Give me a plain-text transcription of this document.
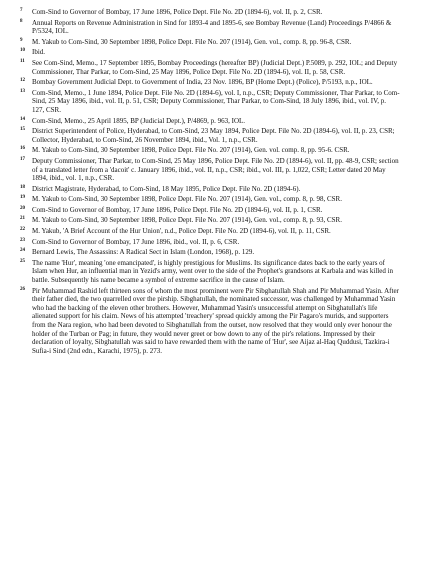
7 Com-Sind to Governor of Bombay, 17 June 1896, Police Dept. File No. 2D (1894-6), vol. II, p. 2, CSR.
8 Annual Reports on Revenue Administration in Sind for 1893-4 and 1895-6, see Bombay Revenue (Land) Proceedings P/4866 & P/5324, IOL.
9 M. Yakub to Com-Sind, 30 September 1898, Police Dept. File No. 207 (1914), Gen. vol., comp. 8, pp. 96-8, CSR.
10 Ibid.
11 See Com-Sind, Memo., 17 September 1895, Bombay Proceedings (hereafter BP) (Judicial Dept.) P.5089, p. 292, IOL; and Deputy Commissioner, Thar Parkar, to Com-Sind, 25 May 1896, Police Dept. File No. 2D (1894-6), vol. II, p. 58, CSR.
12 Bombay Government Judicial Dept. to Government of India, 23 Nov. 1896, BP (Home Dept.) (Police), P/5193, n.p., IOL.
13 Com-Sind, Memo., 1 June 1894, Police Dept. File No. 2D (1894-6), vol. I, n.p., CSR; Deputy Commissioner, Thar Parkar, to Com-Sind, 25 May 1896, ibid., vol. II, p. 51, CSR; Deputy Commissioner, Thar Parkar, to Com-Sind, 18 July 1896, ibid., vol. IV, p. 127, CSR.
14 Com-Sind, Memo., 25 April 1895, BP (Judicial Dept.), P/4869, p. 963, IOL.
15 District Superintendent of Police, Hyderabad, to Com-Sind, 23 May 1894, Police Dept. File No. 2D (1894-6), vol. II, p. 23, CSR; Collector, Hyderabad, to Com-Sind, 26 November 1894, ibid., Vol. 1, n.p., CSR.
16 M. Yakub to Com-Sind, 30 September 1898, Police Dept. File No. 207 (1914), Gen. vol. comp. 8, pp. 95-6. CSR.
17 Deputy Commissioner, Thar Parkar, to Com-Sind, 25 May 1896, Police Dept. File No. 2D (1894-6), vol. II, pp. 48-9, CSR; section of a translated letter from a 'dacoit' c. January 1896, ibid., vol. II, n.p., CSR; ibid., vol. III, p. 1,022, CSR; Letter dated 20 May 1894, ibid., vol. 1, n.p., CSR.
18 District Magistrate, Hyderabad, to Com-Sind, 18 May 1895, Police Dept. File No. 2D (1894-6).
19 M. Yakub to Com-Sind, 30 September 1898, Police Dept. File No. 207 (1914), Gen. vol., comp. 8, p. 98, CSR.
20 Com-Sind to Governor of Bombay, 17 June 1896, Police Dept. File No. 2D (1894-6), vol. II, p. 1, CSR.
21 M. Yakub to Com-Sind, 30 September 1898, Police Dept. File No. 207 (1914), Gen. vol., comp. 8, p. 93, CSR.
22 M. Yakub, 'A Brief Account of the Hur Union', n.d., Police Dept. File No. 2D (1894-6), vol. II, p. 11, CSR.
23 Com-Sind to Governor of Bombay, 17 June 1896, ibid., vol. II, p. 6, CSR.
24 Bernard Lewis, The Assassins: A Radical Sect in Islam (London, 1968), p. 129.
25 The name 'Hur', meaning 'one emancipated', is highly prestigious for Muslims. Its significance dates back to the early years of Islam when Hur, an influential man in Yezid's army, went over to the side of the Prophet's grandsons at Karbala and was killed in battle. Subsequently his name became a symbol of extreme sacrifice in the cause of Islam.
26 Pir Muhammad Rashid left thirteen sons of whom the most prominent were Pir Sibghatullah Shah and Pir Muhammad Yasin. After their father died, the two quarrelled over the pirship. Sibghatullah, the nominated successor, was challenged by Muhammad Yasin who had the backing of the eleven other brothers. However, Muhammad Yasin's unsuccessful attempt on Sibghatullah's life alienated support for his claim. News of his attempted 'treachery' spread quickly among the Pir Pagaro's murids, and supporters from the Nara region, who had been devoted to Sibghatullah from the outset, now resolved that they would only ever honour the holder of the Turban or Pag; in future, they would never greet or bow down to any of the pir's relations. Impressed by their declaration of loyalty, Sibghatullah was said to have rewarded them with the name of 'Hur', see Aijaz al-Haq Quddusi, Tazkira-i Sufia-i Sind (2nd edn., Karachi, 1975), p. 273.
